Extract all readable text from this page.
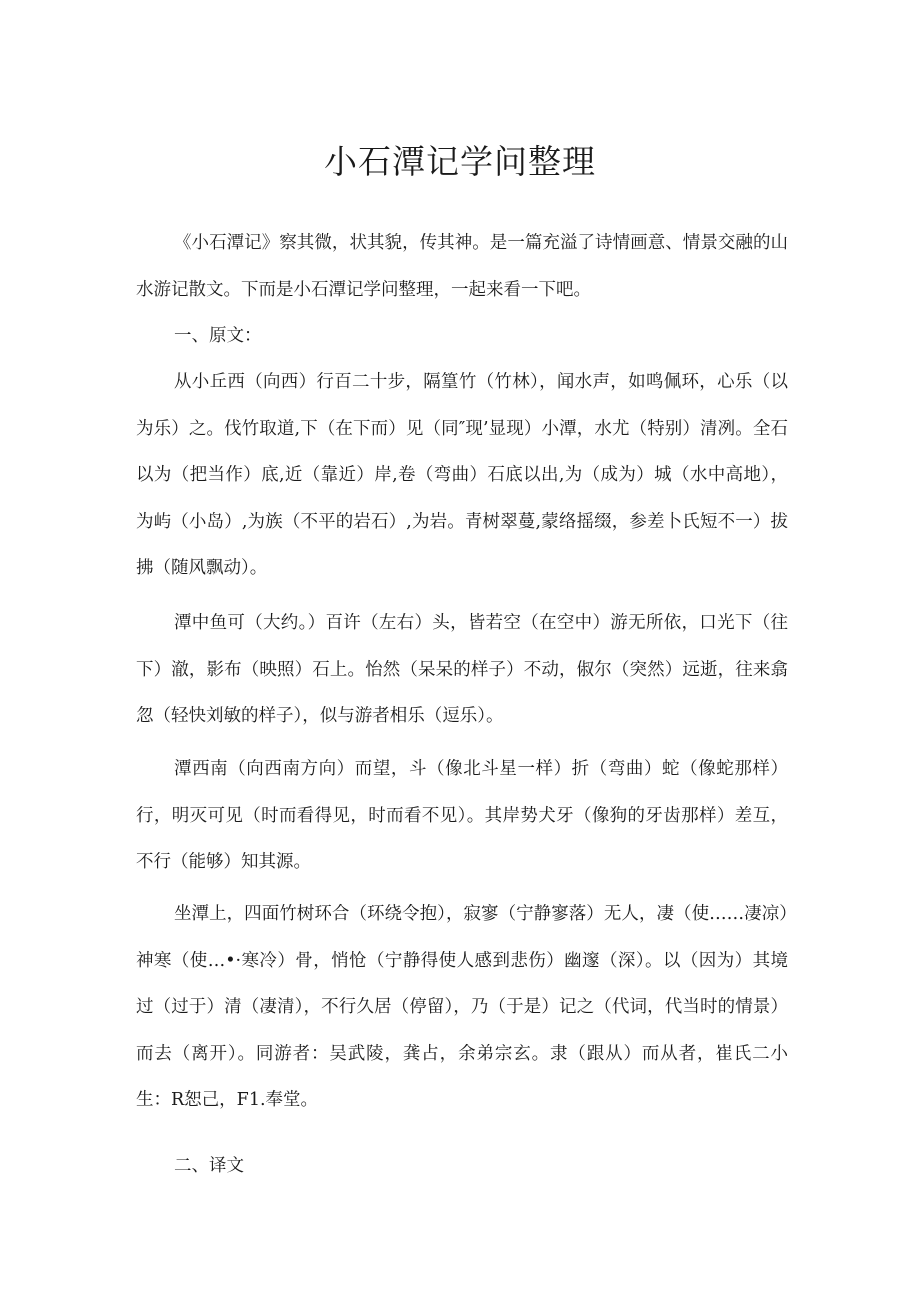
小石潭记学问整理

《小石潭记》察其微，状其貌，传其神。是一篇充溢了诗情画意、情景交融的山水游记散文。下而是小石潭记学问整理，一起来看一下吧。

一、原文：

从小丘西（向西）行百二十步，隔篁竹（竹林），闻水声，如鸣佩环，心乐（以为乐）之。伐竹取道,下（在下而）见（同″现’显现）小潭，水尤（特别）清冽。全石以为（把当作）底,近（靠近）岸,卷（弯曲）石底以出,为（成为）城（水中高地），为屿（小岛）,为族（不平的岩石）,为岩。青树翠蔓,蒙络摇缀，参差卜氏短不一）拔拂（随风飘动）。

潭中鱼可（大约。）百许（左右）头，皆若空（在空中）游无所依，口光下（往下）澈，影布（映照）石上。怡然（呆呆的样子）不动，俶尔（突然）远逝，往来翕忽（轻快刘敏的样子），似与游者相乐（逗乐）。

潭西南（向西南方向）而望，斗（像北斗星一样）折（弯曲）蛇（像蛇那样）行，明灭可见（时而看得见，时而看不见）。其岸势犬牙（像狗的牙齿那样）差互，不行（能够）知其源。

坐潭上，四面竹树环合（环绕令抱），寂寥（宁静寥落）无人，凄（使……凄凉）神寒（使…•·寒冷）骨，悄怆（宁静得使人感到悲伤）幽邃（深）。以（因为）其境过（过于）清（凄清），不行久居（停留），乃（于是）记之（代词，代当时的情景）而去（离开）。同游者：吴武陵，龚占，余弟宗玄。隶（跟从）而从者，崔氏二小生：R恕己，F1.奉堂。

二、译文
